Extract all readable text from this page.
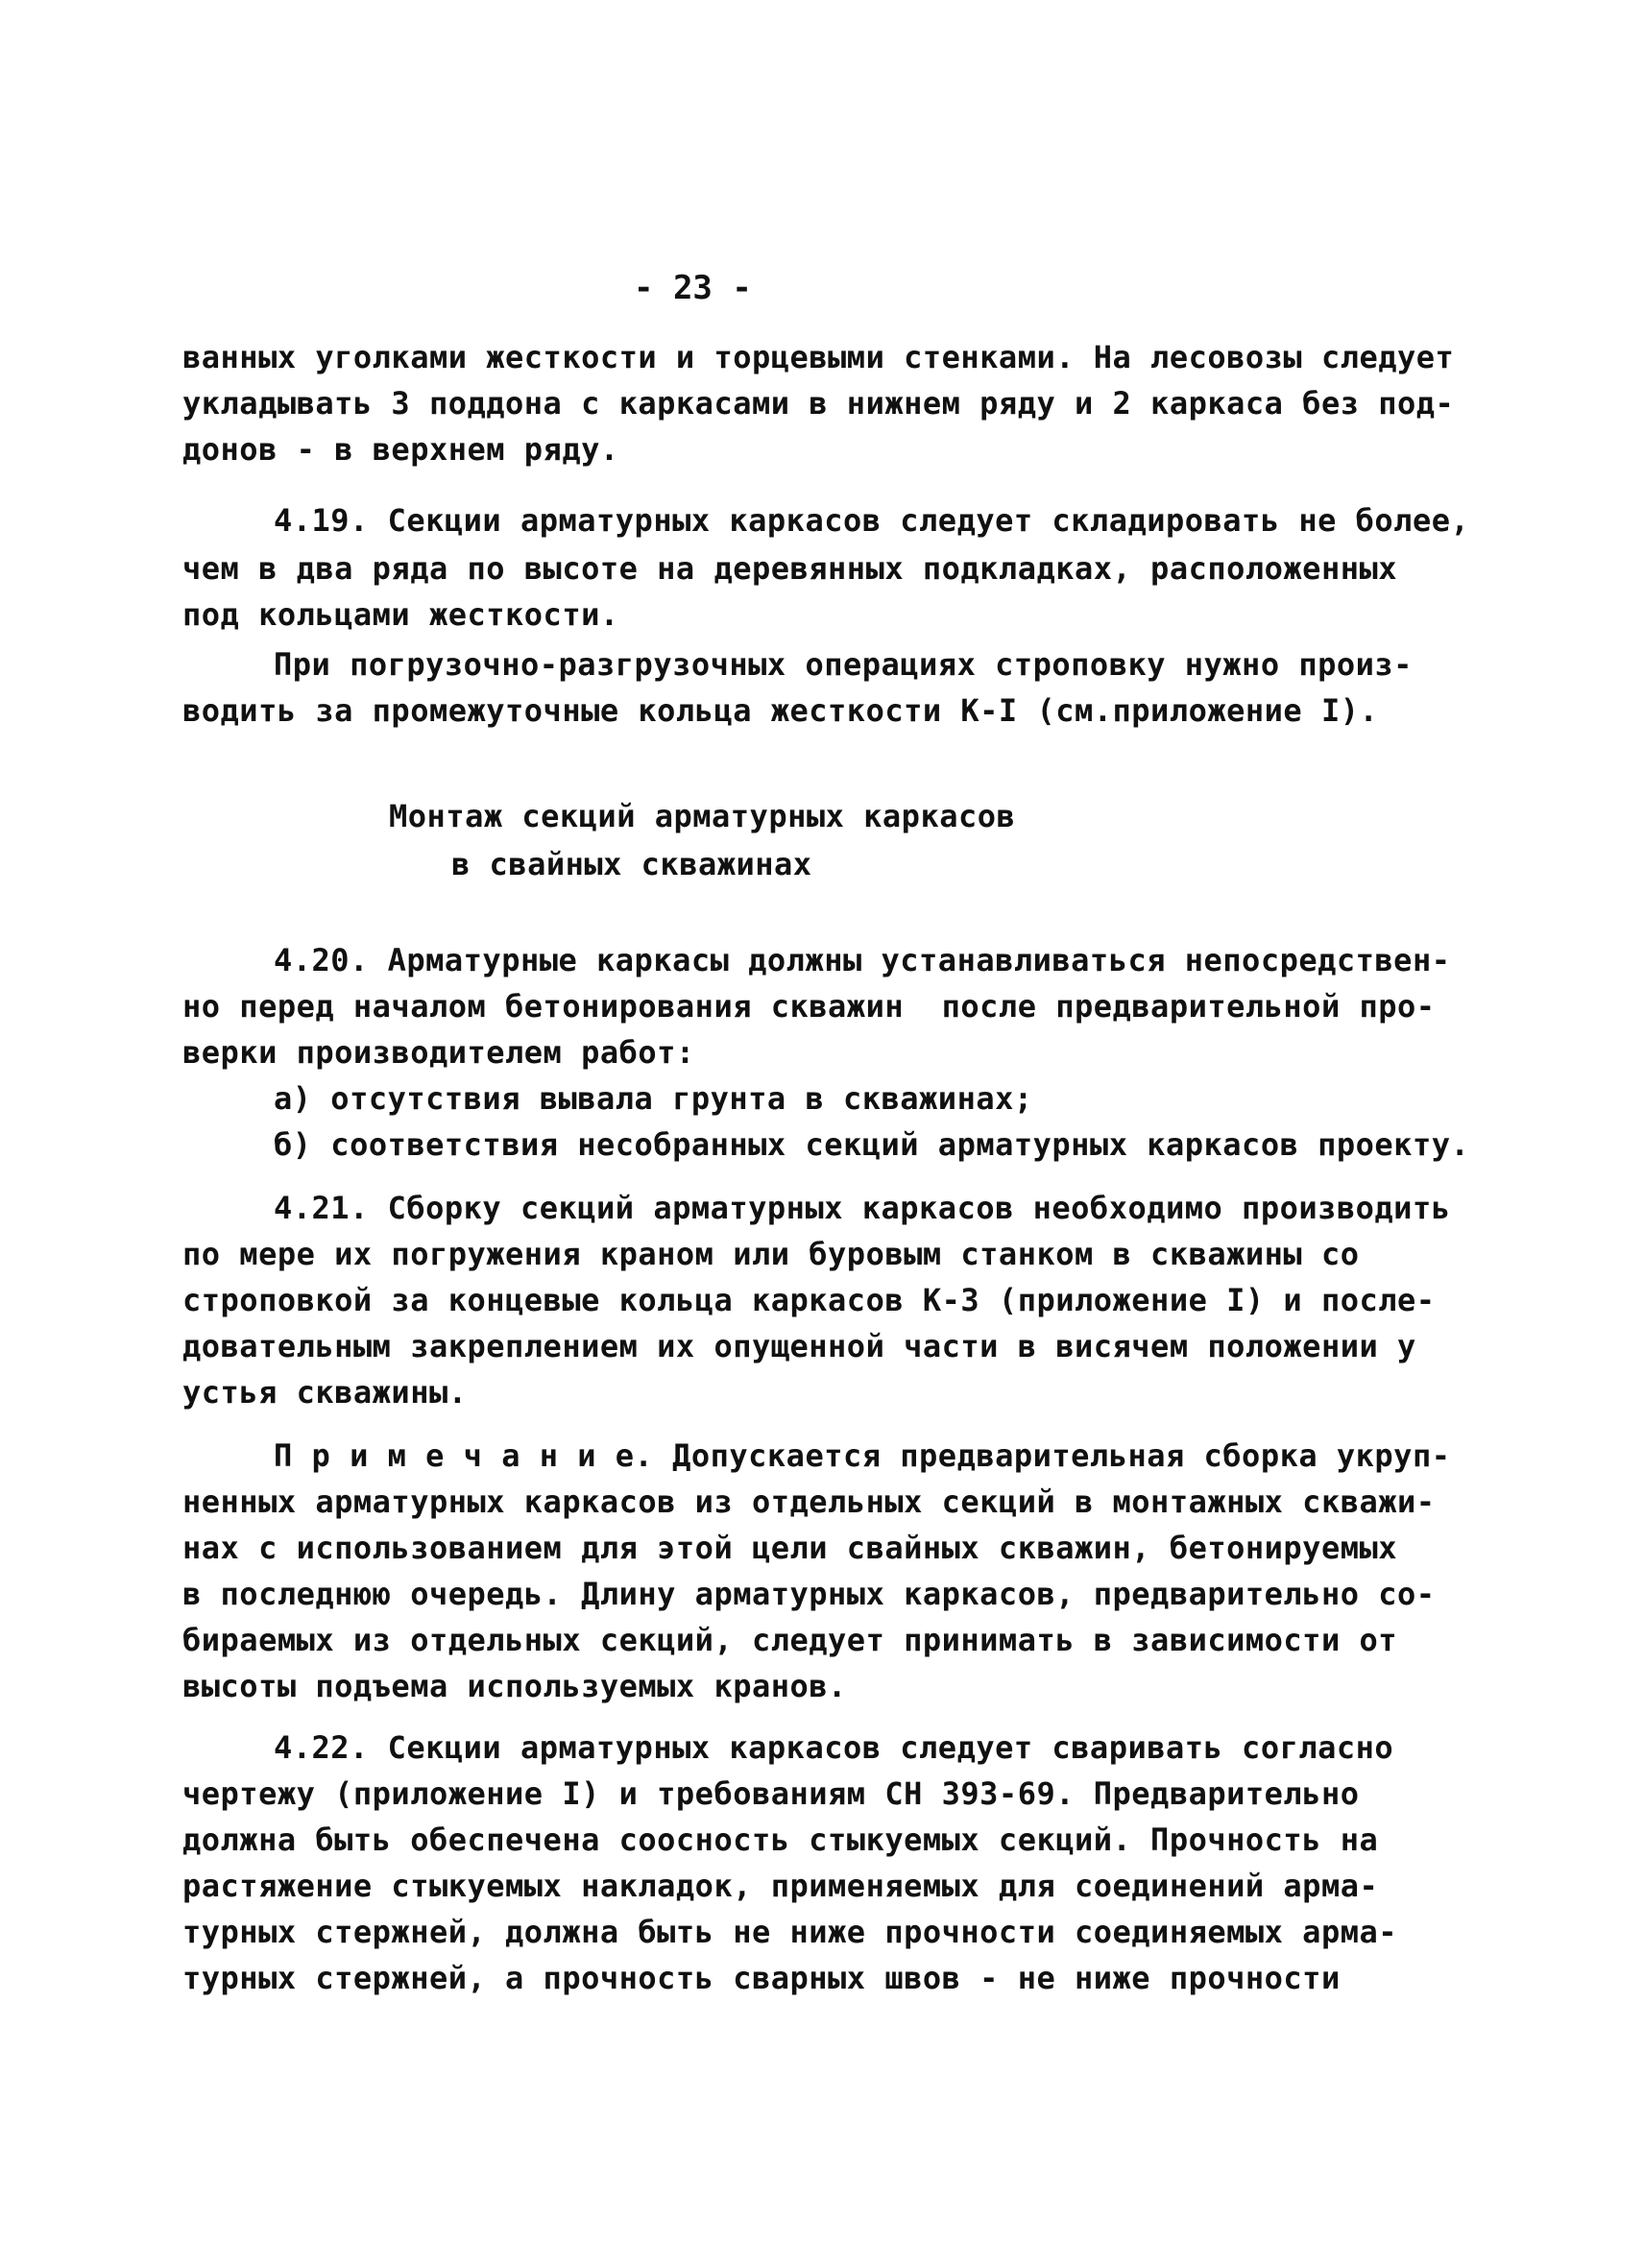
- 23 -
ванных уголками жесткости и торцевыми стенками. На лесовозы следует
укладывать 3 поддона с каркасами в нижнем ряду и 2 каркаса без под-
донов - в верхнем ряду.
4.19. Секции арматурных каркасов следует складировать не более,
чем в два ряда по высоте на деревянных подкладках, расположенных
под кольцами жесткости.
При погрузочно-разгрузочных операциях строповку нужно произ-
водить за промежуточные кольца жесткости К-I (см.приложение I).
Монтаж секций арматурных каркасов
в свайных скважинах
4.20. Арматурные каркасы должны устанавливаться непосредствен-
но перед началом бетонирования скважин  после предварительной про-
верки производителем работ:
а) отсутствия вывала грунта в скважинах;
б) соответствия несобранных секций арматурных каркасов проекту.
4.21. Сборку секций арматурных каркасов необходимо производить
по мере их погружения краном или буровым станком в скважины со
строповкой за концевые кольца каркасов К-3 (приложение I) и после-
довательным закреплением их опущенной части в висячем положении у
устья скважины.
П р и м е ч а н и е. Допускается предварительная сборка укруп-
ненных арматурных каркасов из отдельных секций в монтажных скважи-
нах с использованием для этой цели свайных скважин, бетонируемых
в последнюю очередь. Длину арматурных каркасов, предварительно со-
бираемых из отдельных секций, следует принимать в зависимости от
высоты подъема используемых кранов.
4.22. Секции арматурных каркасов следует сваривать согласно
чертежу (приложение I) и требованиям СН 393-69. Предварительно
должна быть обеспечена соосность стыкуемых секций. Прочность на
растяжение стыкуемых накладок, применяемых для соединений арма-
турных стержней, должна быть не ниже прочности соединяемых арма-
турных стержней, а прочность сварных швов - не ниже прочности
